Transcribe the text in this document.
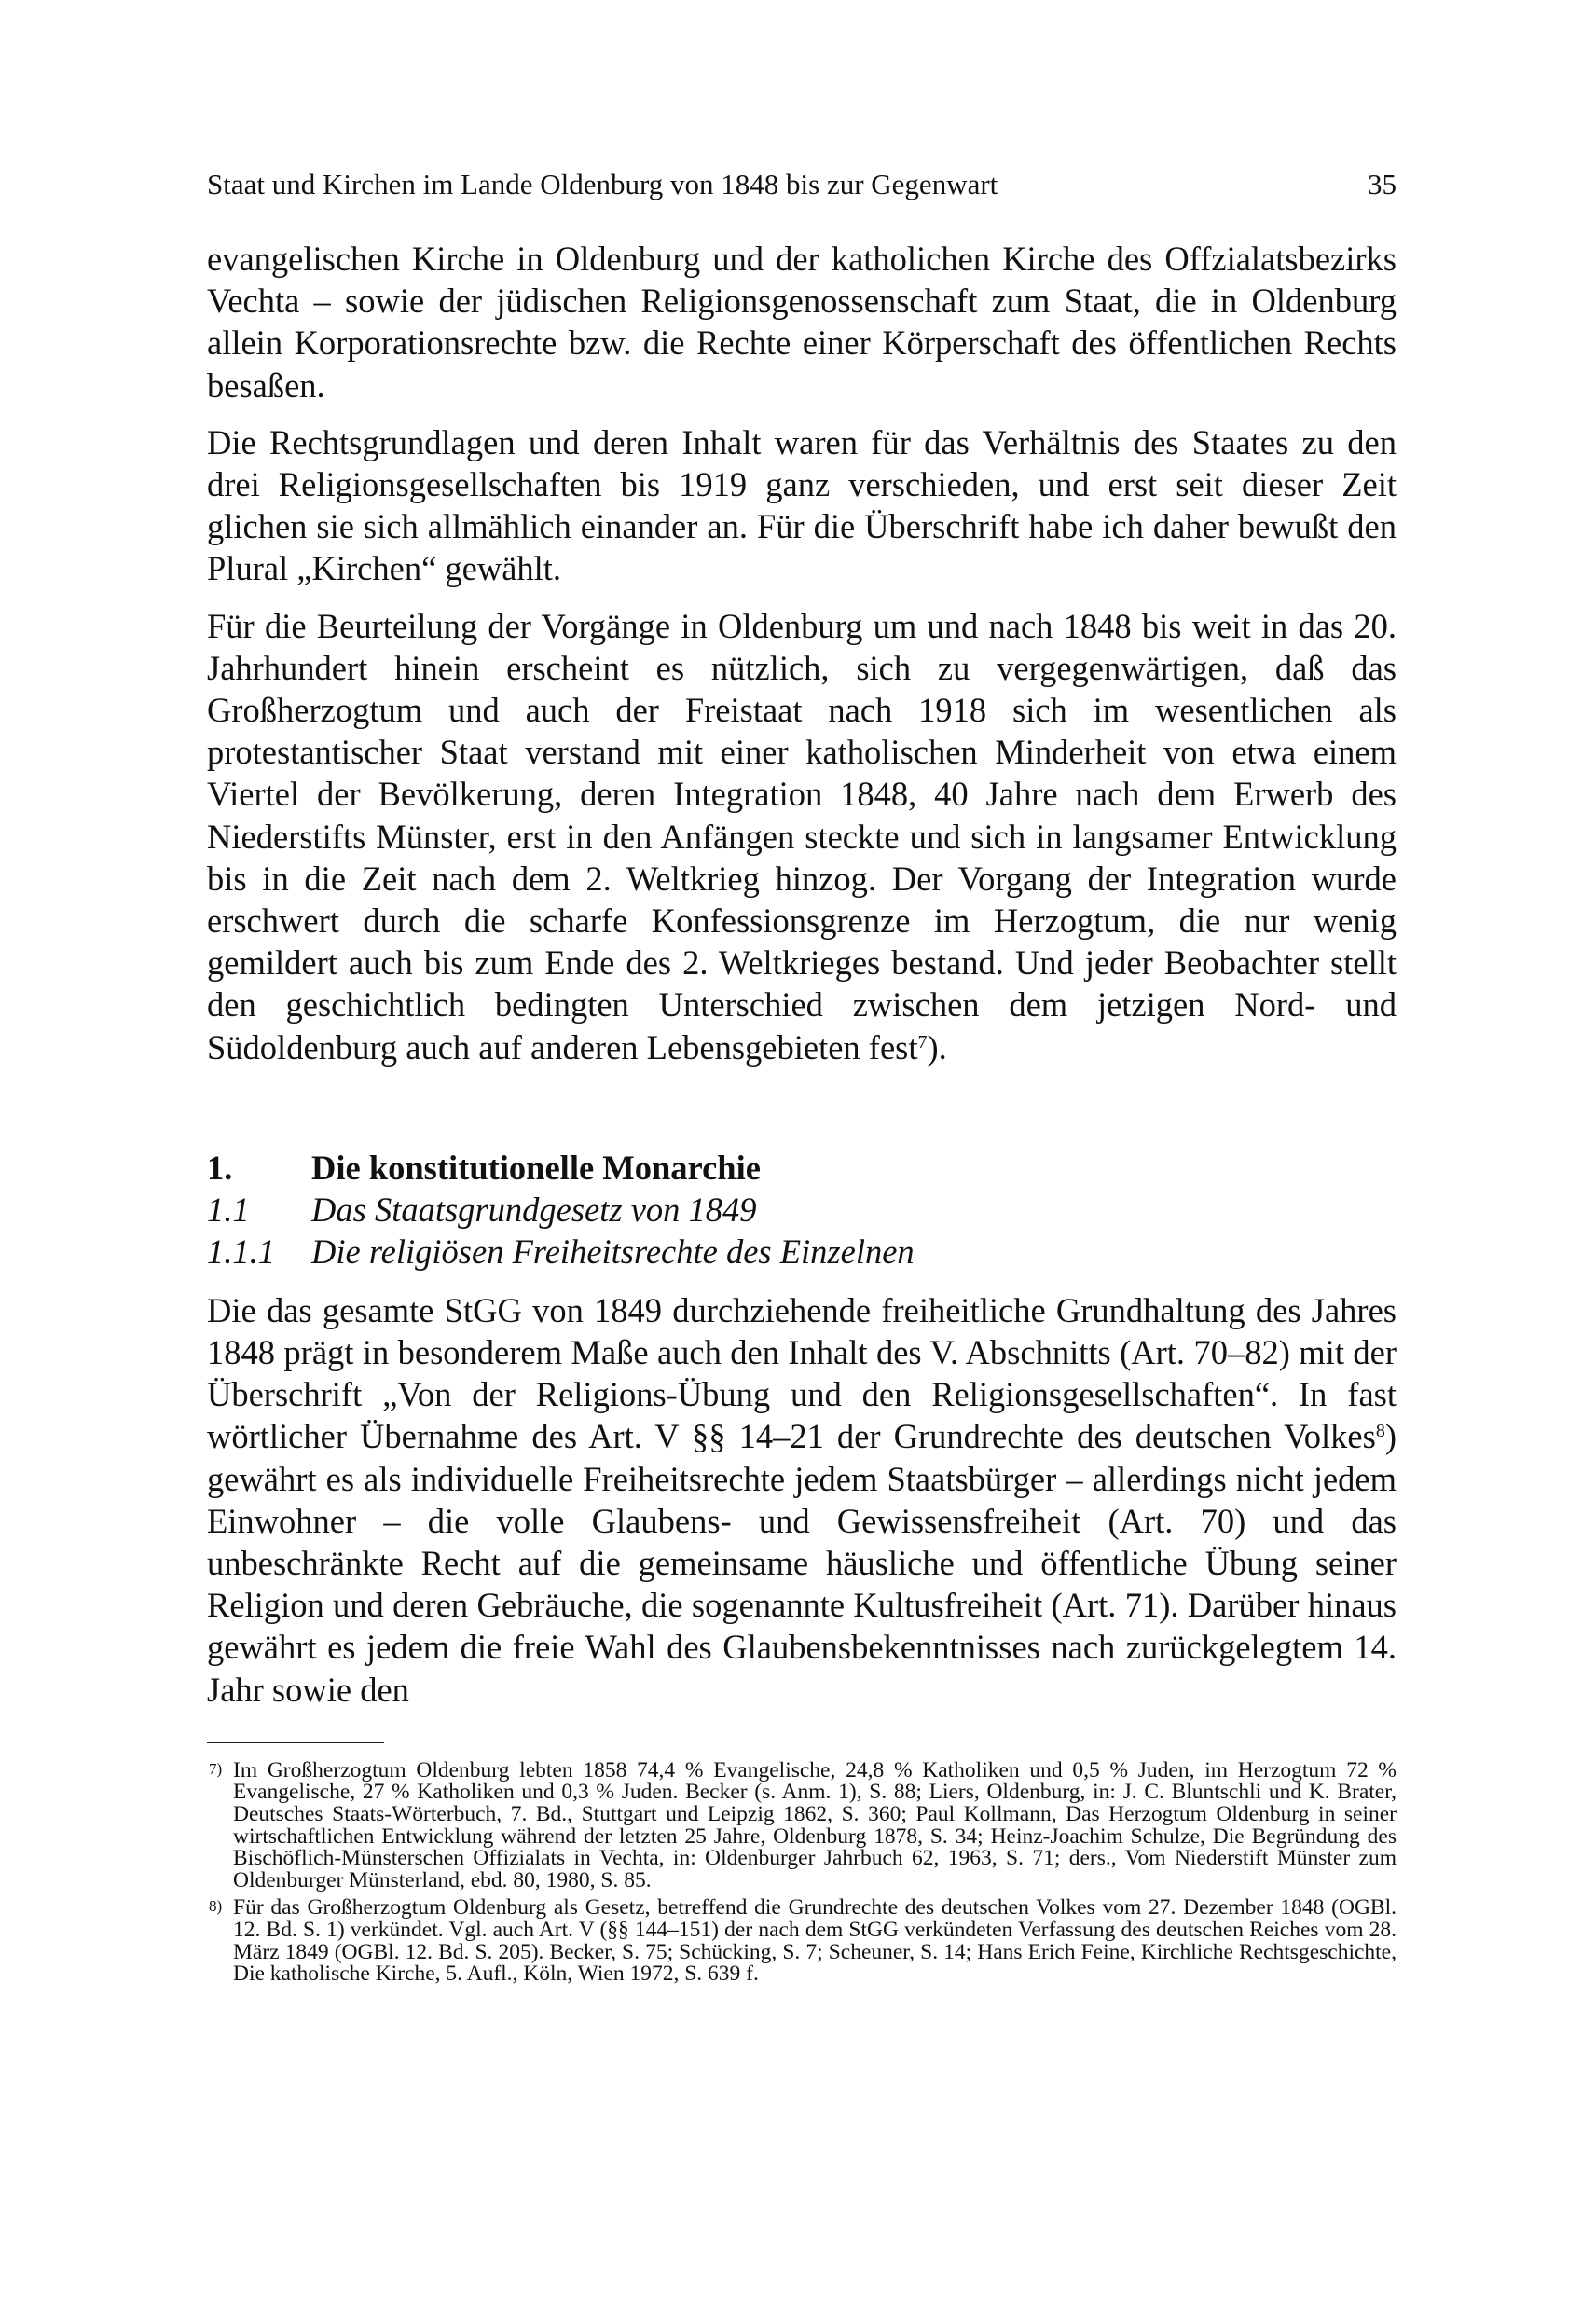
Staat und Kirchen im Lande Oldenburg von 1848 bis zur Gegenwart	35

evangelischen Kirche in Oldenburg und der katholichen Kirche des Offzialatsbezirks Vechta – sowie der jüdischen Religionsgenossenschaft zum Staat, die in Oldenburg allein Korporationsrechte bzw. die Rechte einer Körperschaft des öffentlichen Rechts besaßen.

Die Rechtsgrundlagen und deren Inhalt waren für das Verhältnis des Staates zu den drei Religionsgesellschaften bis 1919 ganz verschieden, und erst seit dieser Zeit glichen sie sich allmählich einander an. Für die Überschrift habe ich daher bewußt den Plural „Kirchen“ gewählt.

Für die Beurteilung der Vorgänge in Oldenburg um und nach 1848 bis weit in das 20. Jahrhundert hinein erscheint es nützlich, sich zu vergegenwärtigen, daß das Großherzogtum und auch der Freistaat nach 1918 sich im wesentlichen als protestantischer Staat verstand mit einer katholischen Minderheit von etwa einem Viertel der Bevölkerung, deren Integration 1848, 40 Jahre nach dem Erwerb des Niederstifts Münster, erst in den Anfängen steckte und sich in langsamer Entwicklung bis in die Zeit nach dem 2. Weltkrieg hinzog. Der Vorgang der Integration wurde erschwert durch die scharfe Konfessionsgrenze im Herzogtum, die nur wenig gemildert auch bis zum Ende des 2. Weltkrieges bestand. Und jeder Beobachter stellt den geschichtlich bedingten Unterschied zwischen dem jetzigen Nord- und Südoldenburg auch auf anderen Lebensgebieten fest$^7$).

1.	Die konstitutionelle Monarchie
1.1	Das Staatsgrundgesetz von 1849
1.1.1	Die religiösen Freiheitsrechte des Einzelnen

Die das gesamte StGG von 1849 durchziehende freiheitliche Grundhaltung des Jahres 1848 prägt in besonderem Maße auch den Inhalt des V. Abschnitts (Art. 70–82) mit der Überschrift „Von der Religions-Übung und den Religionsgesellschaften“. In fast wörtlicher Übernahme des Art. V §§ 14–21 der Grundrechte des deutschen Volkes$^8$) gewährt es als individuelle Freiheitsrechte jedem Staatsbürger – allerdings nicht jedem Einwohner – die volle Glaubens- und Gewissensfreiheit (Art. 70) und das unbeschränkte Recht auf die gemeinsame häusliche und öffentliche Übung seiner Religion und deren Gebräuche, die sogenannte Kultusfreiheit (Art. 71). Darüber hinaus gewährt es jedem die freie Wahl des Glaubensbekenntnisses nach zurückgelegtem 14. Jahr sowie den

7) Im Großherzogtum Oldenburg lebten 1858 74,4 % Evangelische, 24,8 % Katholiken und 0,5 % Juden, im Herzogtum 72 % Evangelische, 27 % Katholiken und 0,3 % Juden. Becker (s. Anm. 1), S. 88; Liers, Oldenburg, in: J. C. Bluntschli und K. Brater, Deutsches Staats-Wörterbuch, 7. Bd., Stuttgart und Leipzig 1862, S. 360; Paul Kollmann, Das Herzogtum Oldenburg in seiner wirtschaftlichen Entwicklung während der letzten 25 Jahre, Oldenburg 1878, S. 34; Heinz-Joachim Schulze, Die Begründung des Bischöflich-Münsterschen Offizialats in Vechta, in: Oldenburger Jahrbuch 62, 1963, S. 71; ders., Vom Niederstift Münster zum Oldenburger Münsterland, ebd. 80, 1980, S. 85.
8) Für das Großherzogtum Oldenburg als Gesetz, betreffend die Grundrechte des deutschen Volkes vom 27. Dezember 1848 (OGBl. 12. Bd. S. 1) verkündet. Vgl. auch Art. V (§§ 144–151) der nach dem StGG verkündeten Verfassung des deutschen Reiches vom 28. März 1849 (OGBl. 12. Bd. S. 205). Becker, S. 75; Schücking, S. 7; Scheuner, S. 14; Hans Erich Feine, Kirchliche Rechtsgeschichte, Die katholische Kirche, 5. Aufl., Köln, Wien 1972, S. 639 f.
